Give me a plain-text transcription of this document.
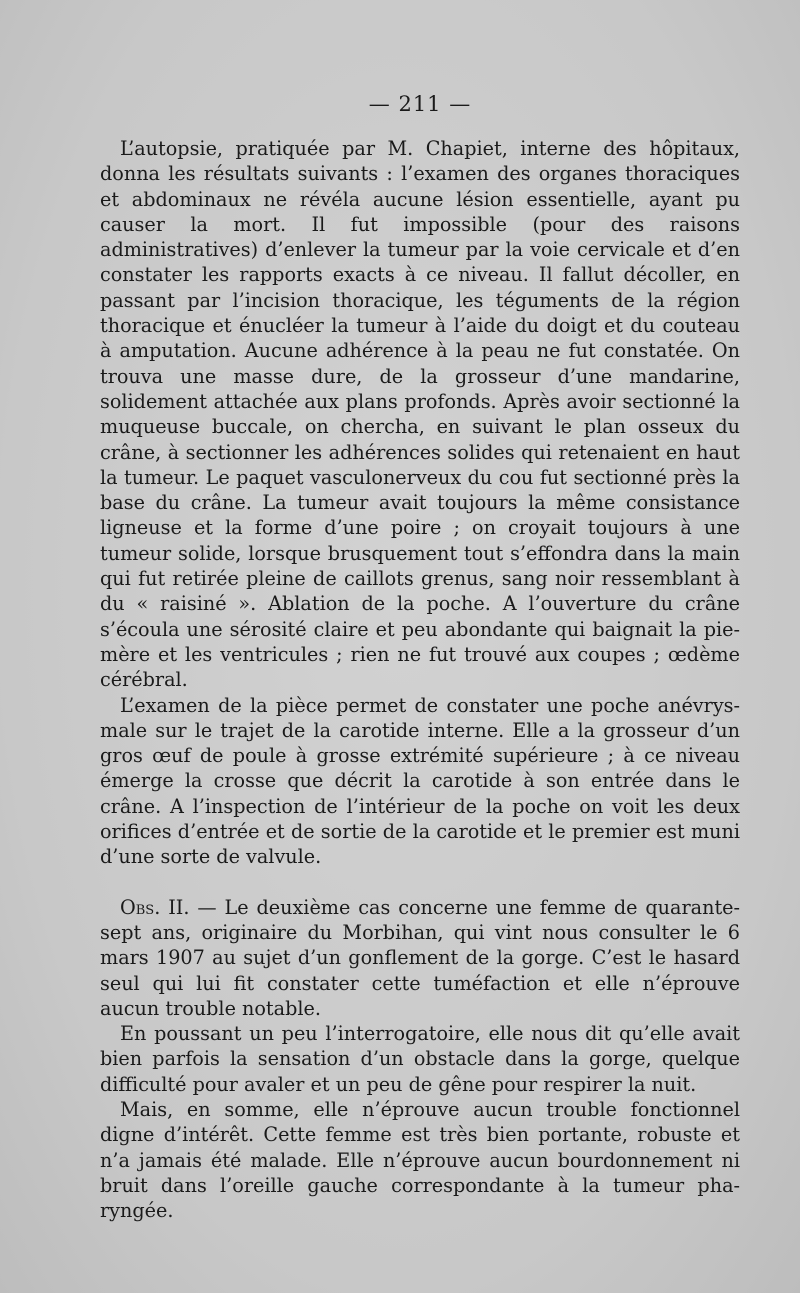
— 211 —

L’autopsie, pratiquée par M. Chapiet, interne des hôpitaux, donna les résultats suivants : l’examen des organes thoraciques et abdominaux ne révéla aucune lésion essentielle, ayant pu causer la mort. Il fut impossible (pour des raisons administratives) d’enlever la tumeur par la voie cervicale et d’en constater les rapports exacts à ce niveau. Il fallut décoller, en passant par l’incision thoracique, les téguments de la région thoracique et énucléer la tumeur à l’aide du doigt et du couteau à amputation. Aucune adhérence à la peau ne fut constatée. On trouva une masse dure, de la grosseur d’une mandarine, solidement attachée aux plans profonds. Après avoir sectionné la muqueuse buccale, on chercha, en suivant le plan osseux du crâne, à sectionner les adhérences solides qui retenaient en haut la tumeur. Le paquet vasculonerveux du cou fut sectionné près la base du crâne. La tumeur avait toujours la même consistance ligneuse et la forme d’une poire ; on croyait toujours à une tumeur solide, lorsque brusquement tout s’effondra dans la main qui fut retirée pleine de caillots grenus, sang noir ressemblant à du « raisiné ». Ablation de la poche. A l’ouverture du crâne s’écoula une sérosité claire et peu abondante qui baignait la pie-mère et les ventricules ; rien ne fut trouvé aux coupes ; œdème cérébral.

L’examen de la pièce permet de constater une poche anévrysmale sur le trajet de la carotide interne. Elle a la grosseur d’un gros œuf de poule à grosse extrémité supérieure ; à ce niveau émerge la crosse que décrit la carotide à son entrée dans le crâne. A l’inspection de l’intérieur de la poche on voit les deux orifices d’entrée et de sortie de la carotide et le premier est muni d’une sorte de valvule.

Obs. II. — Le deuxième cas concerne une femme de quarante-sept ans, originaire du Morbihan, qui vint nous consulter le 6 mars 1907 au sujet d’un gonflement de la gorge. C’est le hasard seul qui lui fit constater cette tuméfaction et elle n’éprouve aucun trouble notable.

En poussant un peu l’interrogatoire, elle nous dit qu’elle avait bien parfois la sensation d’un obstacle dans la gorge, quelque difficulté pour avaler et un peu de gêne pour respirer la nuit.

Mais, en somme, elle n’éprouve aucun trouble fonctionnel digne d’intérêt. Cette femme est très bien portante, robuste et n’a jamais été malade. Elle n’éprouve aucun bourdonnement ni bruit dans l’oreille gauche correspondante à la tumeur pharyngée.
